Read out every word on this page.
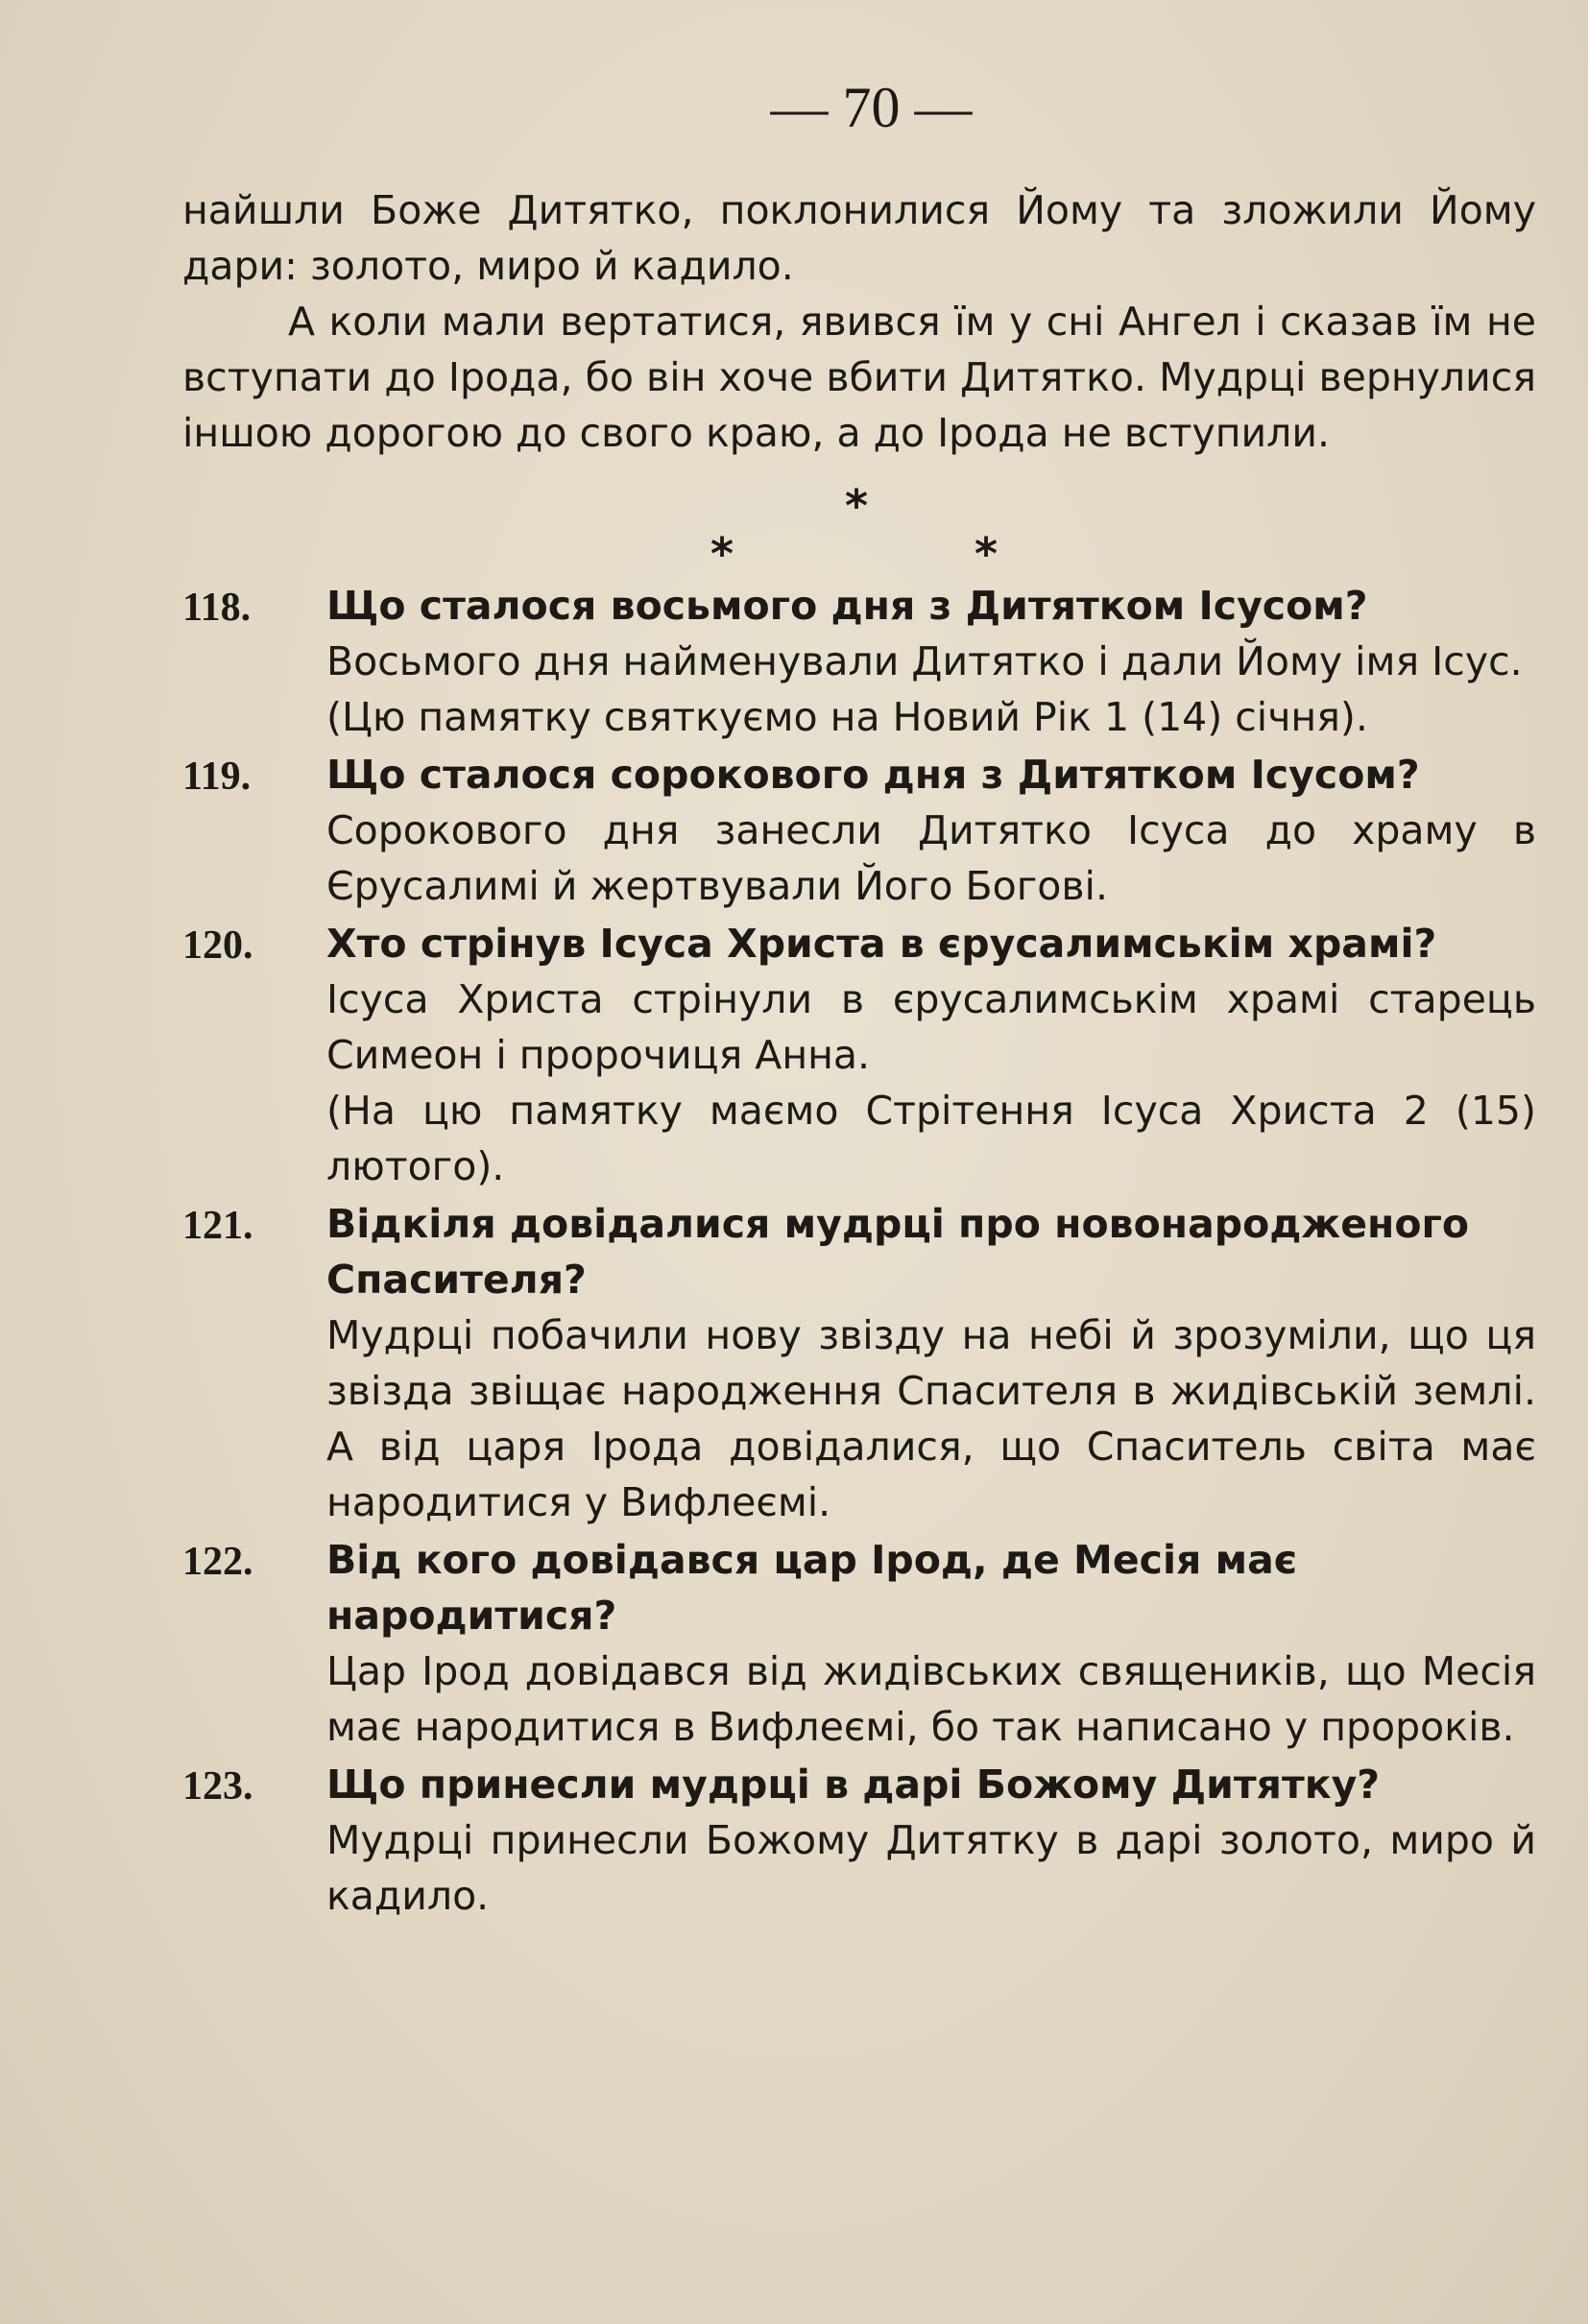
— 70 —

найшли Боже Дитятко, поклонилися Йому та зложили Йому дари: золото, миро й кадило.

А коли мали вертатися, явився їм у сні Ангел і сказав їм не вступати до Ірода, бо він хоче вбити Дитятко. Мудрці вернулися іншою дорогою до свого краю, а до Ірода не вступили.

*
*
*
118.	Що сталося восьмого дня з Дитятком Ісусом?

Восьмого дня найменували Дитятко і дали Йому імя Ісус.

(Цю памятку святкуємо на Новий Рік 1 (14) січня).

119.	Що сталося сорокового дня з Дитятком Ісусом?

Сорокового дня занесли Дитятко Ісуса до храму в Єрусалимі й жертвували Його Богові.

120.	Хто стрінув Ісуса Христа в єрусалимськім храмі?

Ісуса Христа стрінули в єрусалимськім храмі старець Симеон і пророчиця Анна.

(На цю памятку маємо Стрітення Ісуса Христа 2 (15) лютого).

121.	Відкіля довідалися мудрці про новонародженого Спасителя?

Мудрці побачили нову звізду на небі й зрозуміли, що ця звізда звіщає народження Спасителя в жидівській землі. А від царя Ірода довідалися, що Спаситель світа має народитися у Вифлеємі.

122.	Від кого довідався цар Ірод, де Месія має народитися?

Цар Ірод довідався від жидівських священиків, що Месія має народитися в Вифлеємі, бо так написано у пророків.

123.	Що принесли мудрці в дарі Божому Дитятку?

Мудрці принесли Божому Дитятку в дарі золото, миро й кадило.
